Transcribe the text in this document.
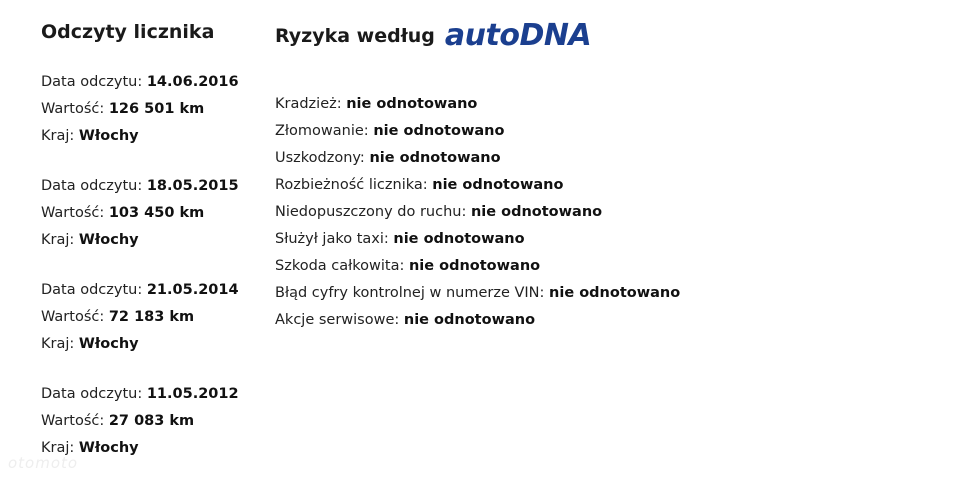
Odczyty licznika
Data odczytu: 14.06.2016
Wartość: 126 501 km
Kraj: Włochy
Data odczytu: 18.05.2015
Wartość: 103 450 km
Kraj: Włochy
Data odczytu: 21.05.2014
Wartość: 72 183 km
Kraj: Włochy
Data odczytu: 11.05.2012
Wartość: 27 083 km
Kraj: Włochy
Ryzyka według autoDNA
Kradzież: nie odnotowano
Złomowanie: nie odnotowano
Uszkodzony: nie odnotowano
Rozbieżność licznika: nie odnotowano
Niedopuszczony do ruchu: nie odnotowano
Służył jako taxi: nie odnotowano
Szkoda całkowita: nie odnotowano
Błąd cyfry kontrolnej w numerze VIN: nie odnotowano
Akcje serwisowe: nie odnotowano
otomoto
